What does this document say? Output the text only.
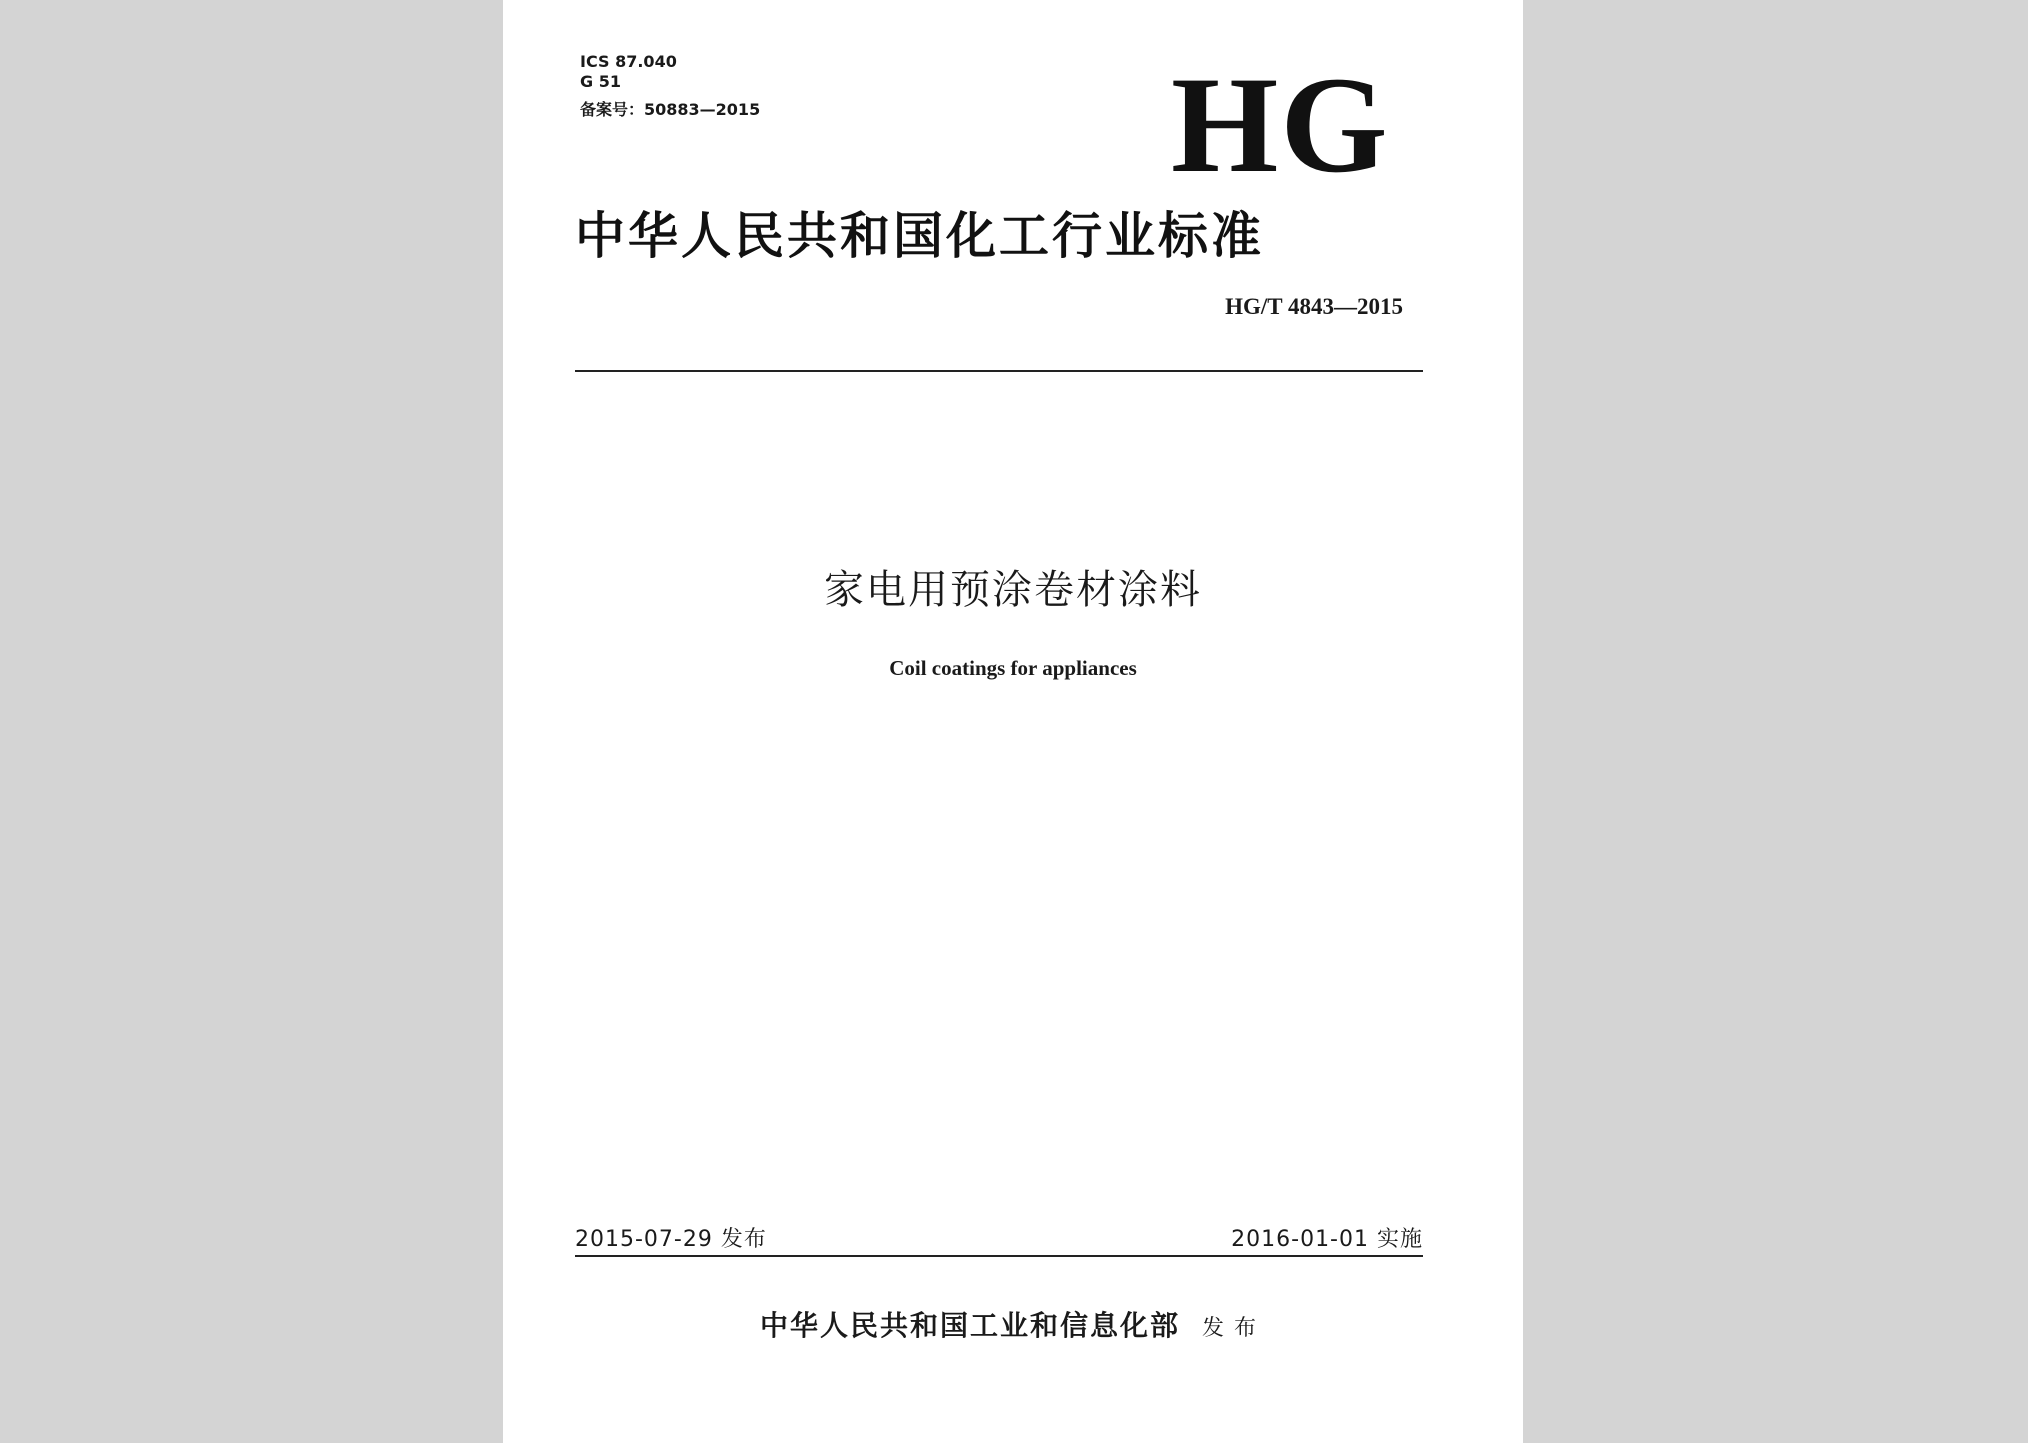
ICS 87.040
G 51
备案号：50883—2015	HG
中华人民共和国化工行业标准
HG/T 4843—2015
家电用预涂卷材涂料
Coil coatings for appliances
2015-07-29 发布	2016-01-01 实施
中华人民共和国工业和信息化部 发布
